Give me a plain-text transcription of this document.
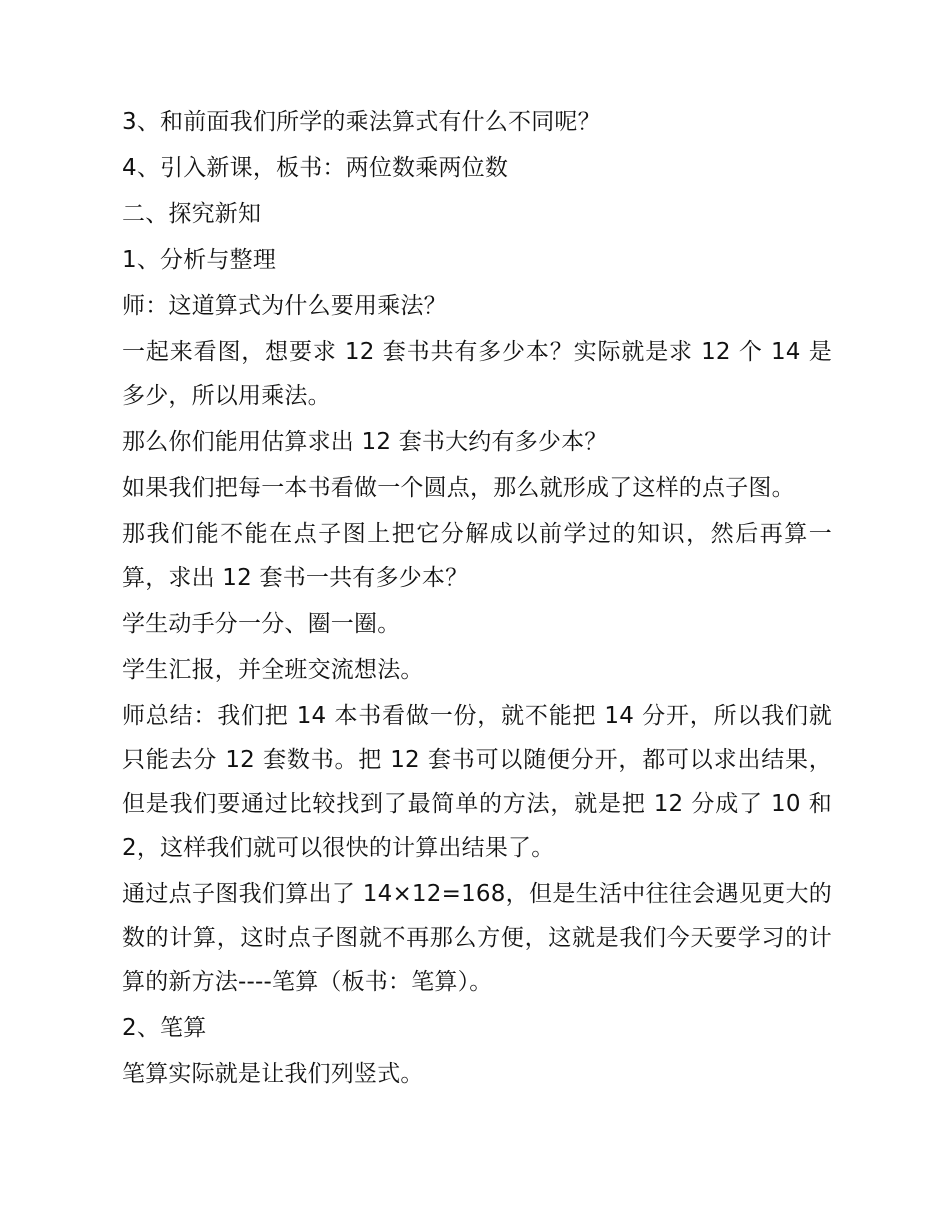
3、和前面我们所学的乘法算式有什么不同呢？

4、引入新课，板书：两位数乘两位数

二、探究新知

1、分析与整理

师：这道算式为什么要用乘法？

一起来看图，想要求 12 套书共有多少本？实际就是求 12 个 14 是多少，所以用乘法。

那么你们能用估算求出 12 套书大约有多少本？

如果我们把每一本书看做一个圆点，那么就形成了这样的点子图。

那我们能不能在点子图上把它分解成以前学过的知识，然后再算一算，求出 12 套书一共有多少本？

学生动手分一分、圈一圈。

学生汇报，并全班交流想法。

师总结：我们把 14 本书看做一份，就不能把 14 分开，所以我们就只能去分 12 套数书。把 12 套书可以随便分开，都可以求出结果，但是我们要通过比较找到了最简单的方法，就是把 12 分成了 10 和 2，这样我们就可以很快的计算出结果了。

通过点子图我们算出了 14×12=168，但是生活中往往会遇见更大的数的计算，这时点子图就不再那么方便，这就是我们今天要学习的计算的新方法----笔算（板书：笔算）。

2、笔算

笔算实际就是让我们列竖式。
